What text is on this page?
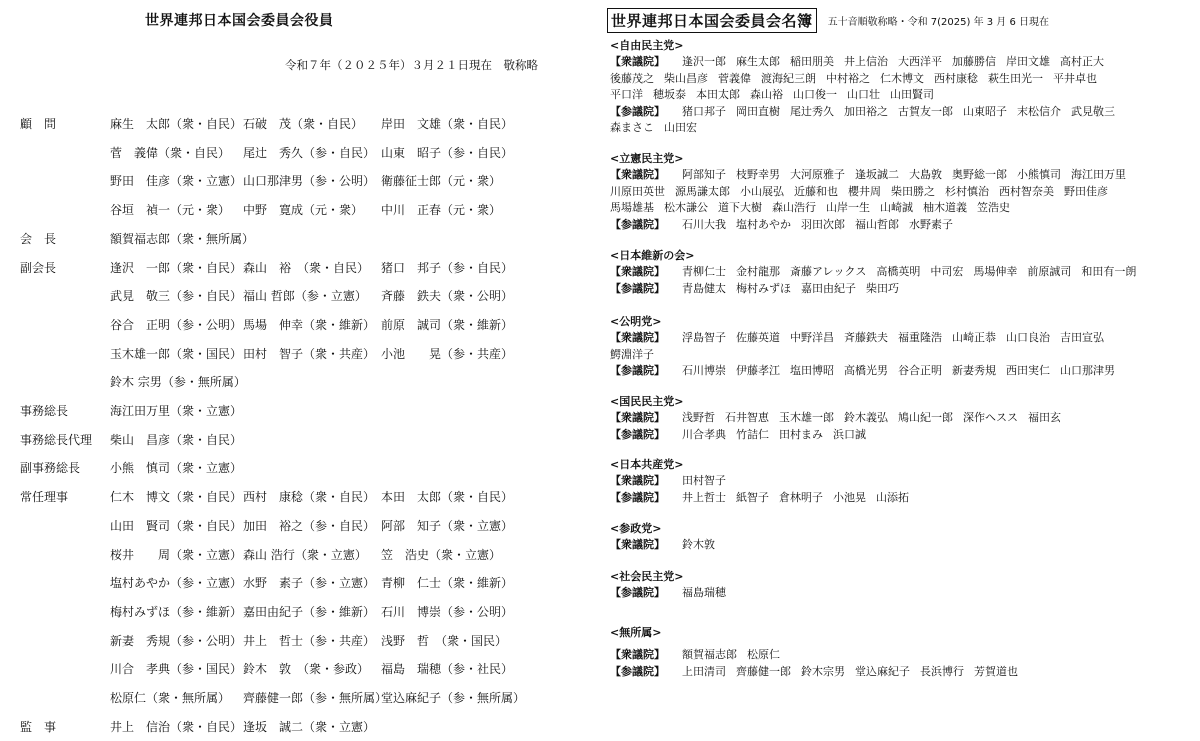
世界連邦日本国会委員会役員
令和７年（２０２５年）３月２１日現在　敬称略
顧　問	麻生　太郎（衆・自民）石破　茂（衆・自民） 岸田　文雄（衆・自民）
菅　義偉（衆・自民） 尾辻　秀久（参・自民） 山東　昭子（参・自民）
野田　佳彦（衆・立憲）山口那津男（参・公明） 衛藤征士郎（元・衆）
谷垣　禎一（元・衆） 中野　寛成（元・衆） 中川　正春（元・衆）
会　長	額賀福志郎（衆・無所属）
副会長	逢沢　一郎（衆・自民）森山　裕　（衆・自民） 猪口　邦子（参・自民）
武見　敬三（参・自民）福山 哲郎（参・立憲） 斉藤　鉄夫（衆・公明）
谷合　正明（参・公明）馬場　伸幸（衆・維新） 前原　誠司（衆・維新）
玉木雄一郎（衆・国民）田村　智子（衆・共産） 小池　　晃（参・共産）
鈴木 宗男（参・無所属）
事務総長	海江田万里（衆・立憲）
事務総長代理 柴山　昌彦（衆・自民）
副事務総長 小熊　慎司（衆・立憲）
常任理事	仁木　博文（衆・自民）西村　康稔（衆・自民） 本田　太郎（衆・自民）
山田　賢司（衆・自民）加田　裕之（参・自民） 阿部　知子（衆・立憲）
桜井　　周（衆・立憲）森山 浩行（衆・立憲） 笠　浩史（衆・立憲）
塩村あやか（参・立憲）水野　素子（参・立憲） 青柳　仁士（衆・維新）
梅村みずほ（参・維新）嘉田由紀子（参・維新） 石川　博崇（参・公明）
新妻　秀規（参・公明）井上　哲士（参・共産） 浅野　哲　（衆・国民）
川合　孝典（参・国民）鈴木　敦　（衆・参政） 福島　瑞穂（参・社民）
松原仁（衆・無所属） 齊藤健一郎（参・無所属）堂込麻紀子（参・無所属）
監　事	井上　信治（衆・自民）逢坂　誠二（衆・立憲）
世界連邦日本国会委員会名簿 五十音順敬称略・令和 7(2025) 年 3 月 6 日現在
<自由民主党>
【衆議院】 逢沢一郎 麻生太郎 稲田朋美 井上信治 大西洋平 加藤勝信 岸田文雄 高村正大
後藤茂之 柴山昌彦 菅義偉 渡海紀三朗 中村裕之 仁木博文 西村康稔 萩生田光一 平井卓也
平口洋 穂坂泰 本田太郎 森山裕 山口俊一 山口壮 山田賢司
【参議院】 猪口邦子 岡田直樹 尾辻秀久 加田裕之 古賀友一郎 山東昭子 末松信介 武見敬三
森まさこ 山田宏
<立憲民主党>
【衆議院】 阿部知子 枝野幸男 大河原雅子 逢坂誠二 大島敦 奥野総一郎 小熊慎司 海江田万里
川原田英世 源馬謙太郎 小山展弘 近藤和也 櫻井周 柴田勝之 杉村慎治 西村智奈美 野田佳彦
馬場雄基 松木謙公 道下大樹 森山浩行 山岸一生 山崎誠 柚木道義 笠浩史
【参議院】 石川大我 塩村あやか 羽田次郎 福山哲郎 水野素子
<日本維新の会>
【衆議院】 青柳仁士 金村龍那 斎藤アレックス 高橋英明 中司宏 馬場伸幸 前原誠司 和田有一朗
【参議院】 青島健太 梅村みずほ 嘉田由紀子 柴田巧
<公明党>
【衆議院】 浮島智子 佐藤英道 中野洋昌 斉藤鉄夫 福重隆浩 山崎正恭 山口良治 吉田宣弘
鰐淵洋子
【参議院】 石川博崇 伊藤孝江 塩田博昭 高橋光男 谷合正明 新妻秀規 西田実仁 山口那津男
<国民民主党>
【衆議院】 浅野哲 石井智恵 玉木雄一郎 鈴木義弘 鳩山紀一郎 深作ヘスス 福田玄
【参議院】 川合孝典 竹詰仁 田村まみ 浜口誠
<日本共産党>
【衆議院】 田村智子
【参議院】 井上哲士 紙智子 倉林明子 小池晃 山添拓
<参政党>
【衆議院】 鈴木敦
<社会民主党>
【参議院】 福島瑞穂
<無所属>
【衆議院】 額賀福志郎 松原仁
【参議院】 上田清司 齊藤健一郎 鈴木宗男 堂込麻紀子 長浜博行 芳賀道也
